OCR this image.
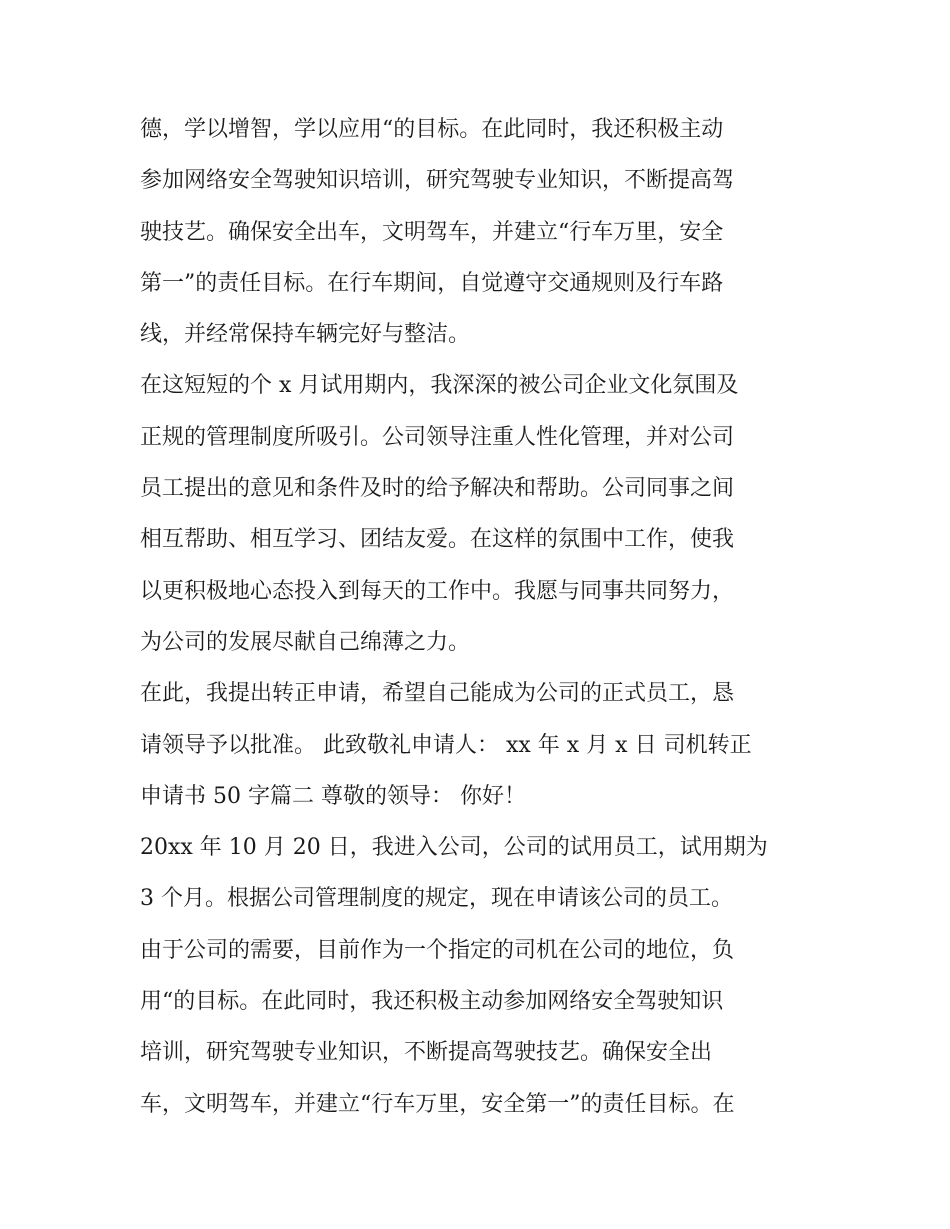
德，学以增智，学以应用“的目标。在此同时，我还积极主动
参加网络安全驾驶知识培训，研究驾驶专业知识，不断提高驾
驶技艺。确保安全出车，文明驾车，并建立“行车万里，安全
第一”的责任目标。在行车期间，自觉遵守交通规则及行车路
线，并经常保持车辆完好与整洁。
在这短短的个 x 月试用期内，我深深的被公司企业文化氛围及
正规的管理制度所吸引。公司领导注重人性化管理，并对公司
员工提出的意见和条件及时的给予解决和帮助。公司同事之间
相互帮助、相互学习、团结友爱。在这样的氛围中工作，使我
以更积极地心态投入到每天的工作中。我愿与同事共同努力，
为公司的发展尽献自己绵薄之力。
在此，我提出转正申请，希望自己能成为公司的正式员工，恳
请领导予以批准。 此致敬礼申请人： xx 年 x 月 x 日 司机转正
申请书 50 字篇二 尊敬的领导： 你好！
20xx 年 10 月 20 日，我进入公司，公司的试用员工，试用期为
3 个月。根据公司管理制度的规定，现在申请该公司的员工。
由于公司的需要，目前作为一个指定的司机在公司的地位，负
用“的目标。在此同时，我还积极主动参加网络安全驾驶知识
培训，研究驾驶专业知识，不断提高驾驶技艺。确保安全出
车，文明驾车，并建立“行车万里，安全第一”的责任目标。在
